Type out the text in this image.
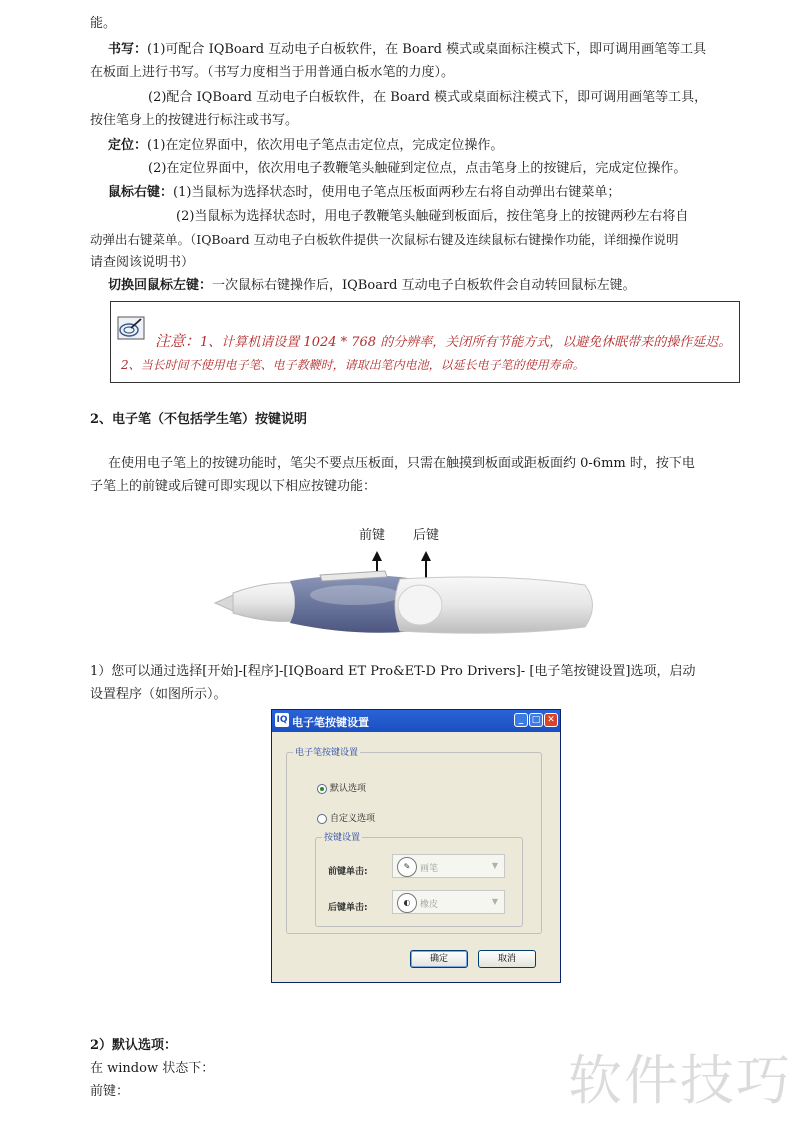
能。
书写：(1)可配合 IQBoard 互动电子白板软件，在 Board 模式或桌面标注模式下，即可调用画笔等工具
在板面上进行书写。（书写力度相当于用普通白板水笔的力度）。
(2)配合 IQBoard 互动电子白板软件，在 Board 模式或桌面标注模式下，即可调用画笔等工具，
按住笔身上的按键进行标注或书写。
定位：(1)在定位界面中，依次用电子笔点击定位点，完成定位操作。
(2)在定位界面中，依次用电子教鞭笔头触碰到定位点，点击笔身上的按键后，完成定位操作。
鼠标右键：(1)当鼠标为选择状态时，使用电子笔点压板面两秒左右将自动弹出右键菜单；
(2)当鼠标为选择状态时，用电子教鞭笔头触碰到板面后，按住笔身上的按键两秒左右将自
动弹出右键菜单。（IQBoard 互动电子白板软件提供一次鼠标右键及连续鼠标右键操作功能，详细操作说明
请查阅该说明书）
切换回鼠标左键：一次鼠标右键操作后，IQBoard 互动电子白板软件会自动转回鼠标左键。
注意：1、计算机请设置 1024 * 768 的分辨率，关闭所有节能方式，以避免休眠带来的操作延迟。
2、当长时间不使用电子笔、电子教鞭时，请取出笔内电池，以延长电子笔的使用寿命。
2、电子笔（不包括学生笔）按键说明
在使用电子笔上的按键功能时，笔尖不要点压板面，只需在触摸到板面或距板面约 0-6mm 时，按下电
子笔上的前键或后键可即实现以下相应按键功能：
前键 后键
1）您可以通过选择[开始]-[程序]-[IQBoard ET Pro&ET-D Pro Drivers]- [电子笔按键设置]选项，启动
设置程序（如图所示）。
IQ 电子笔按键设置	_ □ ✕
电子笔按键设置
默认选项
自定义选项
按键设置
前键单击:
✎	画笔	▼
后键单击:
◐	橡皮	▼
确定	取消
2）默认选项：
在 window 状态下：
前键：	软件技巧
